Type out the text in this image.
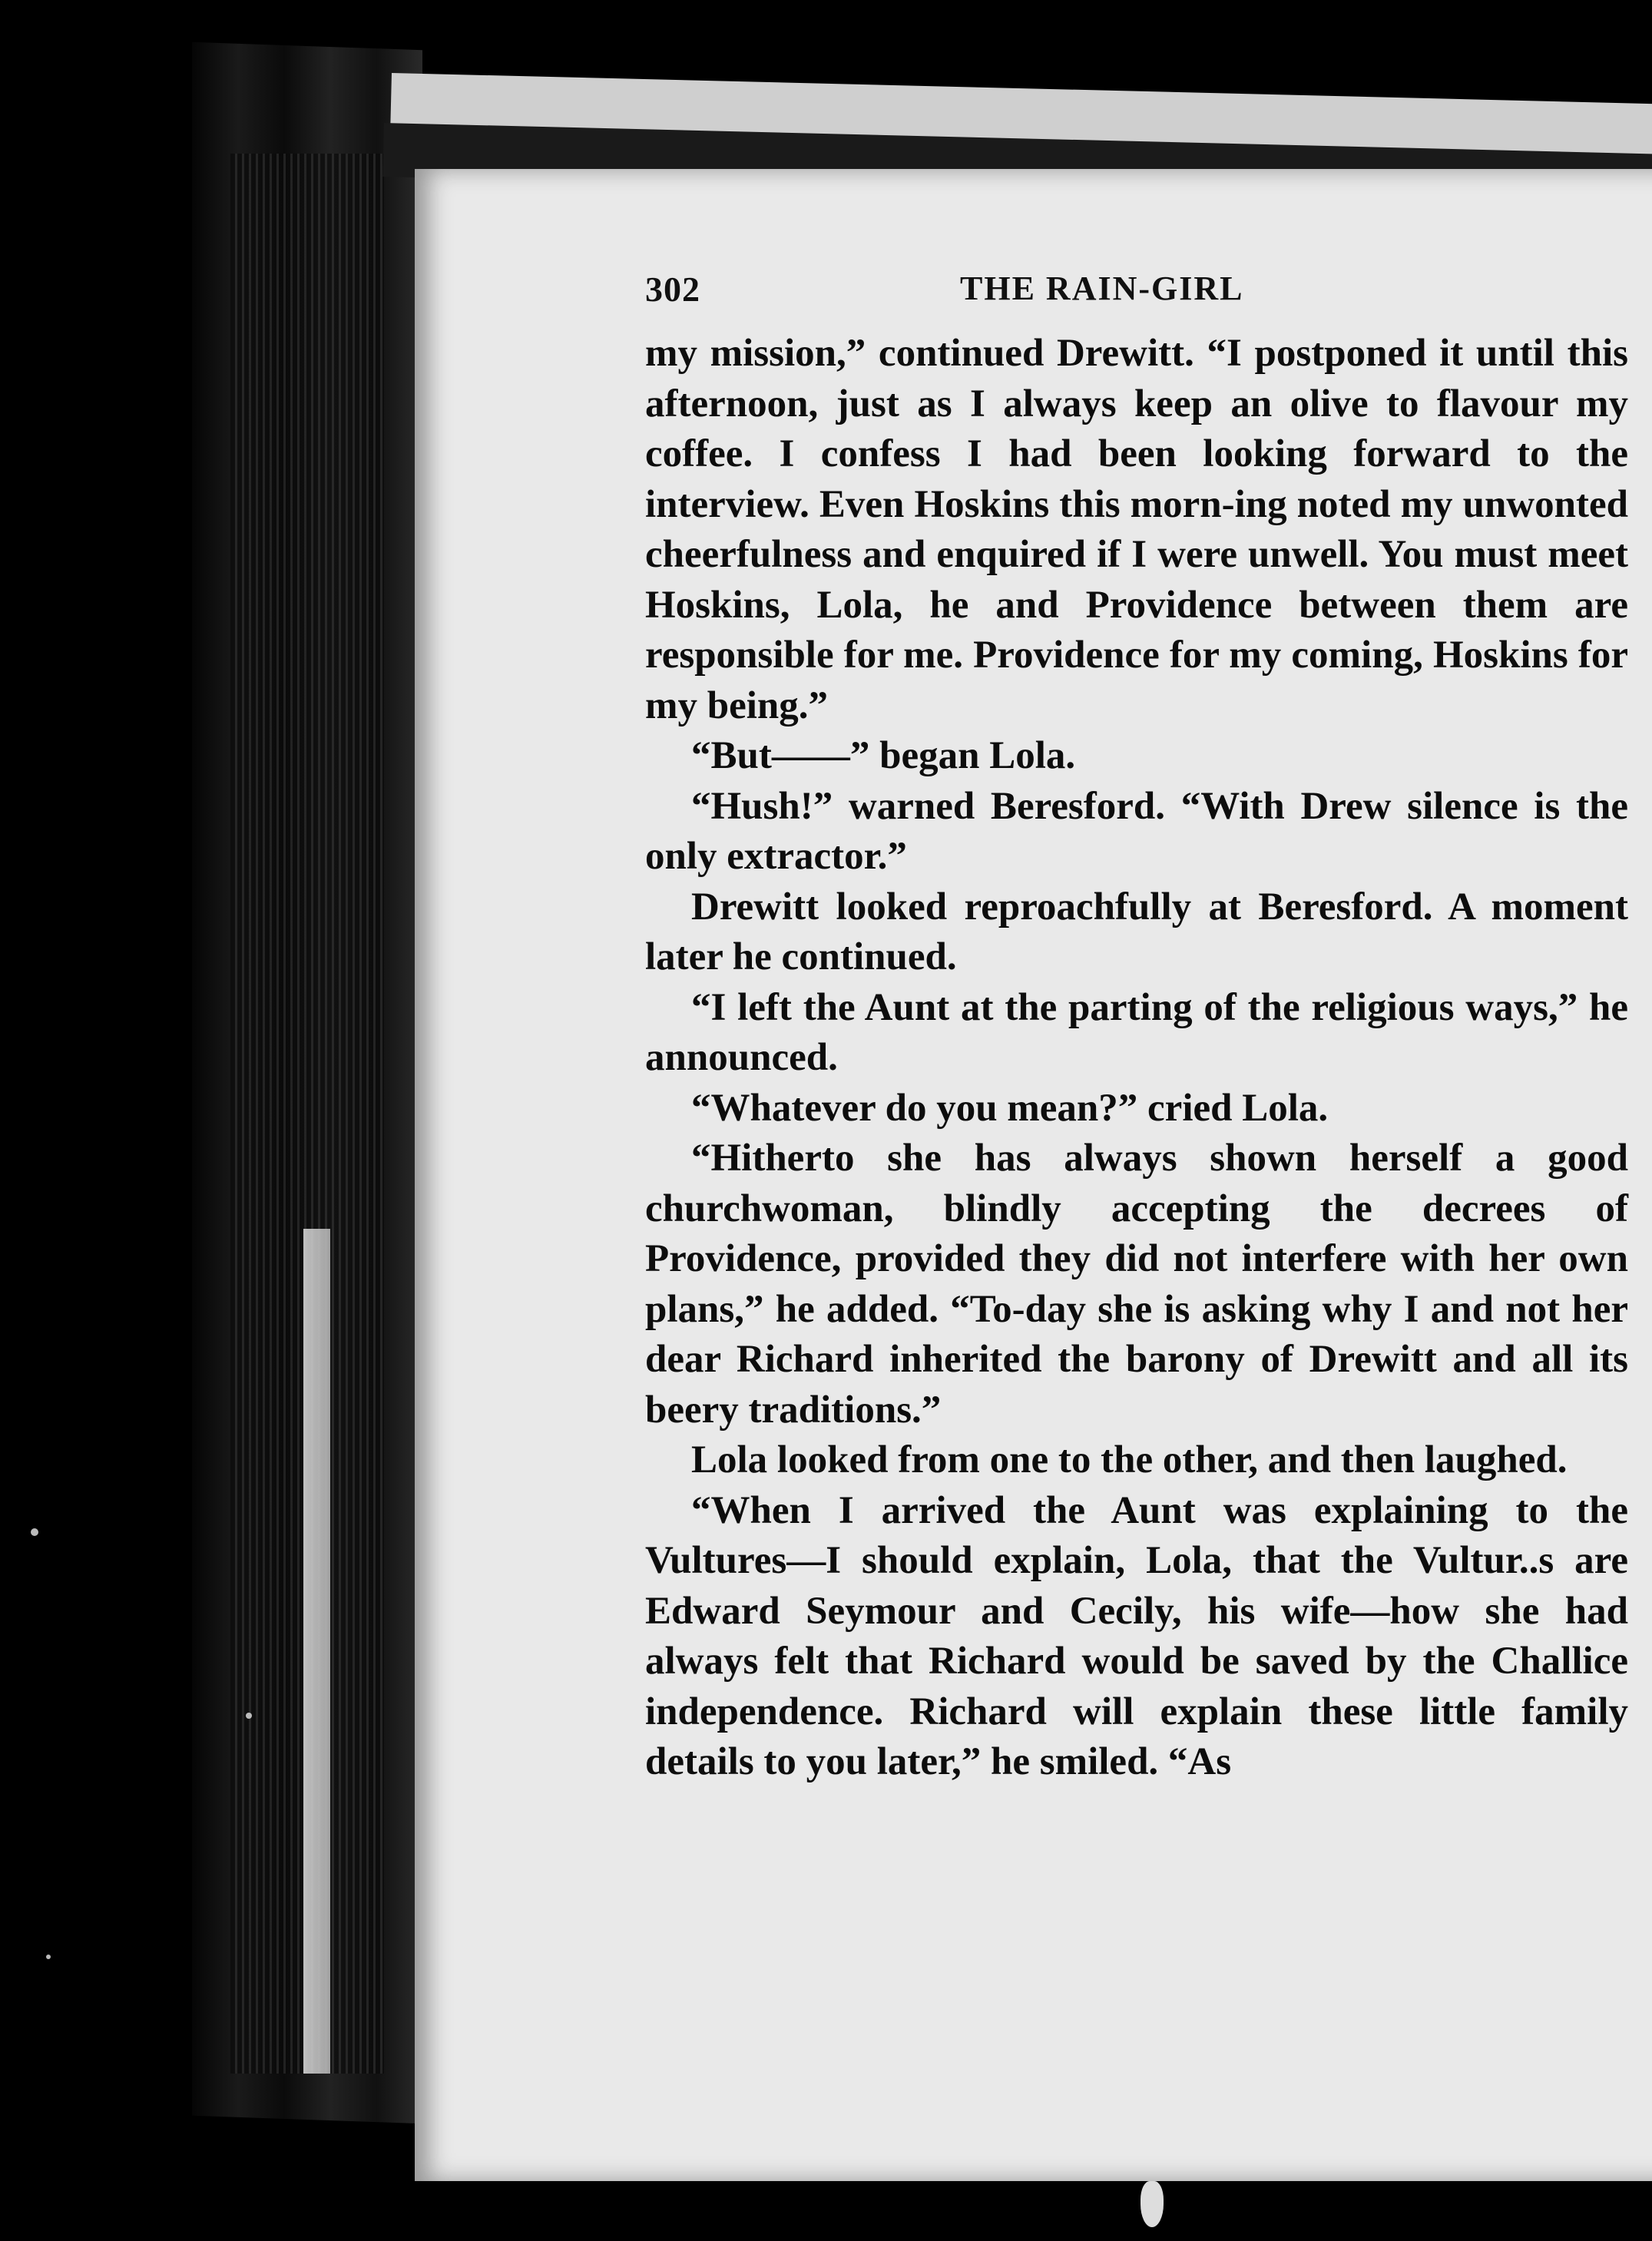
302	THE RAIN-GIRL

my mission,” continued Drewitt. “I postponed it until this afternoon, just as I always keep an olive to flavour my coffee. I confess I had been looking forward to the interview. Even Hoskins this morn-ing noted my unwonted cheerfulness and enquired if I were unwell. You must meet Hoskins, Lola, he and Providence between them are responsible for me. Providence for my coming, Hoskins for my being.”

“But——” began Lola.

“Hush!” warned Beresford. “With Drew silence is the only extractor.”

Drewitt looked reproachfully at Beresford. A moment later he continued.

“I left the Aunt at the parting of the religious ways,” he announced.

“Whatever do you mean?” cried Lola.

“Hitherto she has always shown herself a good churchwoman, blindly accepting the decrees of Providence, provided they did not interfere with her own plans,” he added. “To-day she is asking why I and not her dear Richard inherited the barony of Drewitt and all its beery traditions.”

Lola looked from one to the other, and then laughed.

“When I arrived the Aunt was explaining to the Vultures—I should explain, Lola, that the Vultur..s are Edward Seymour and Cecily, his wife—how she had always felt that Richard would be saved by the Challice independence. Richard will explain these little family details to you later,” he smiled. “As
